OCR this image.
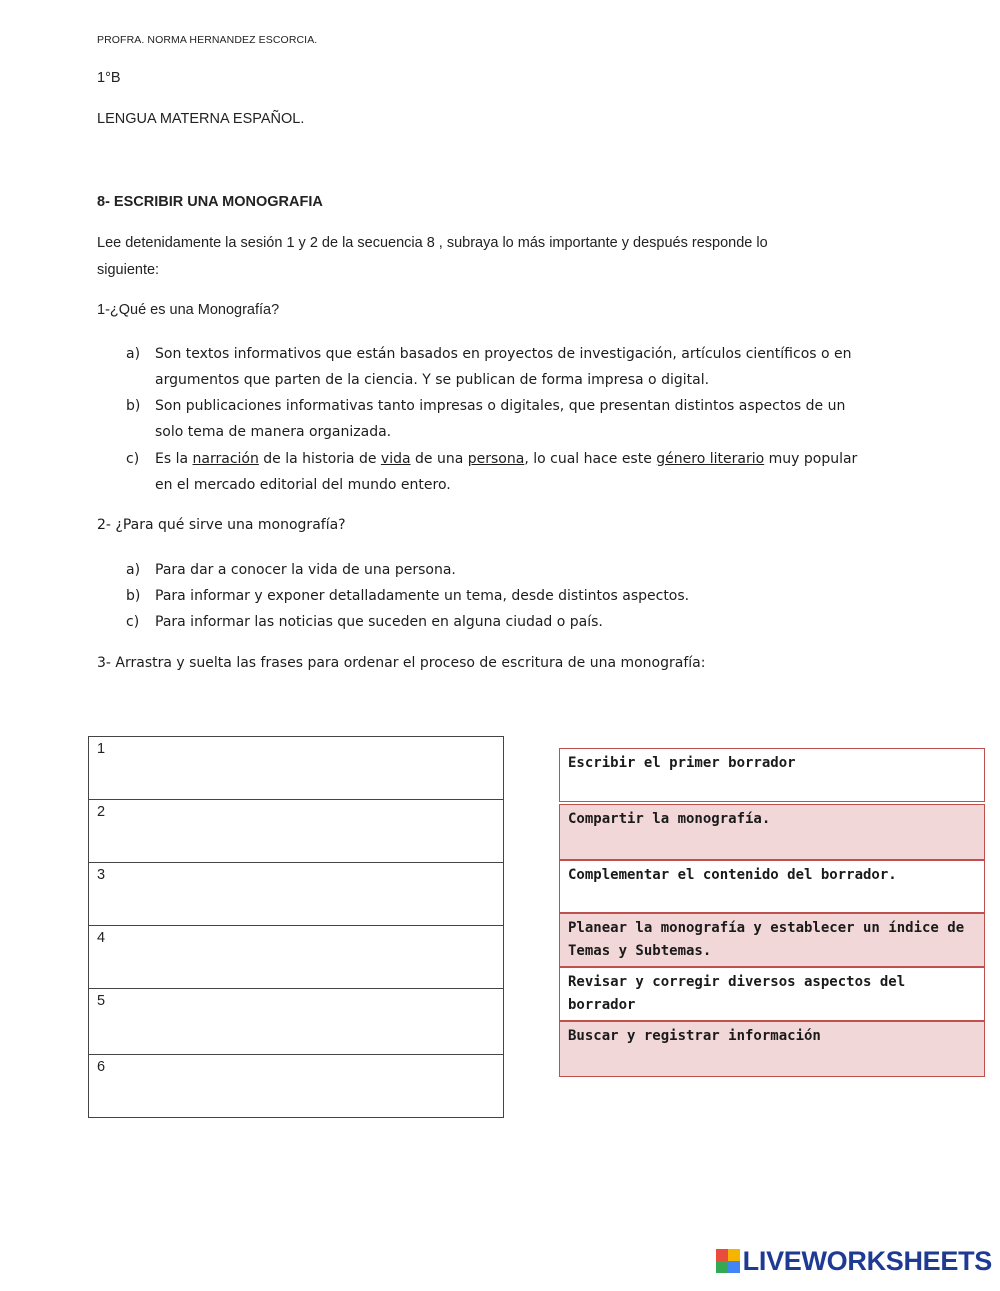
PROFRA. NORMA HERNANDEZ ESCORCIA.
1°B
LENGUA MATERNA ESPAÑOL.
8- ESCRIBIR UNA MONOGRAFIA
Lee detenidamente la sesión 1 y 2 de la secuencia 8 , subraya lo más importante y después responde lo
siguiente:
1-¿Qué es una Monografía?
a) Son textos informativos que están basados en proyectos de investigación, artículos científicos o en
argumentos que parten de la ciencia. Y se publican de forma impresa o digital.
b) Son publicaciones informativas tanto impresas o digitales, que presentan distintos aspectos de un
solo tema de manera organizada.
c) Es la narración de la historia de vida de una persona, lo cual hace este género literario muy popular
en el mercado editorial del mundo entero.
2- ¿Para qué sirve una monografía?
a) Para dar a conocer la vida de una persona.
b) Para informar y exponer detalladamente un tema, desde distintos aspectos.
c) Para informar las noticias que suceden en alguna ciudad o país.
3- Arrastra y suelta las frases para ordenar el proceso de escritura de una monografía:
1
2
3
4
5
6
Escribir el primer borrador
Compartir la monografía.
Complementar el contenido del borrador.
Planear la monografía y establecer un índice de
Temas y Subtemas.
Revisar y corregir diversos aspectos del borrador
Buscar y registrar información
LIVEWORKSHEETS
